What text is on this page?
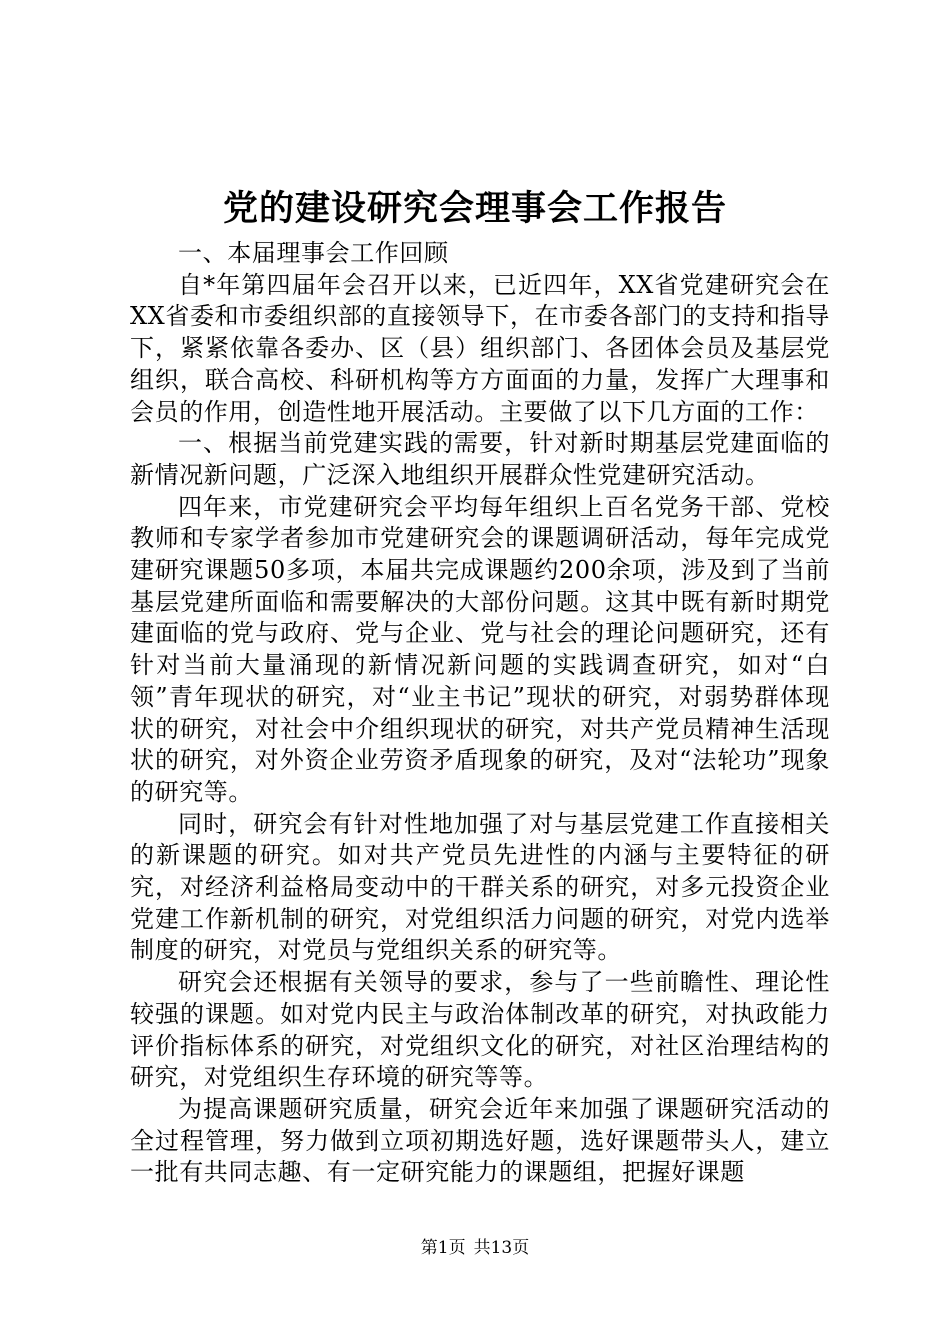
党的建设研究会理事会工作报告

一、本届理事会工作回顾

自*年第四届年会召开以来，已近四年，XX省党建研究会在XX省委和市委组织部的直接领导下，在市委各部门的支持和指导下，紧紧依靠各委办、区（县）组织部门、各团体会员及基层党组织，联合高校、科研机构等方方面面的力量，发挥广大理事和会员的作用，创造性地开展活动。主要做了以下几方面的工作：

一、根据当前党建实践的需要，针对新时期基层党建面临的新情况新问题，广泛深入地组织开展群众性党建研究活动。

四年来，市党建研究会平均每年组织上百名党务干部、党校教师和专家学者参加市党建研究会的课题调研活动，每年完成党建研究课题50多项，本届共完成课题约200余项，涉及到了当前基层党建所面临和需要解决的大部份问题。这其中既有新时期党建面临的党与政府、党与企业、党与社会的理论问题研究，还有针对当前大量涌现的新情况新问题的实践调查研究，如对“白领”青年现状的研究，对“业主书记”现状的研究，对弱势群体现状的研究，对社会中介组织现状的研究，对共产党员精神生活现状的研究，对外资企业劳资矛盾现象的研究，及对“法轮功”现象的研究等。

同时，研究会有针对性地加强了对与基层党建工作直接相关的新课题的研究。如对共产党员先进性的内涵与主要特征的研究，对经济利益格局变动中的干群关系的研究，对多元投资企业党建工作新机制的研究，对党组织活力问题的研究，对党内选举制度的研究，对党员与党组织关系的研究等。

研究会还根据有关领导的要求，参与了一些前瞻性、理论性较强的课题。如对党内民主与政治体制改革的研究，对执政能力评价指标体系的研究，对党组织文化的研究，对社区治理结构的研究，对党组织生存环境的研究等等。

为提高课题研究质量，研究会近年来加强了课题研究活动的全过程管理，努力做到立项初期选好题，选好课题带头人，建立一批有共同志趣、有一定研究能力的课题组，把握好课题

第1页 共13页
